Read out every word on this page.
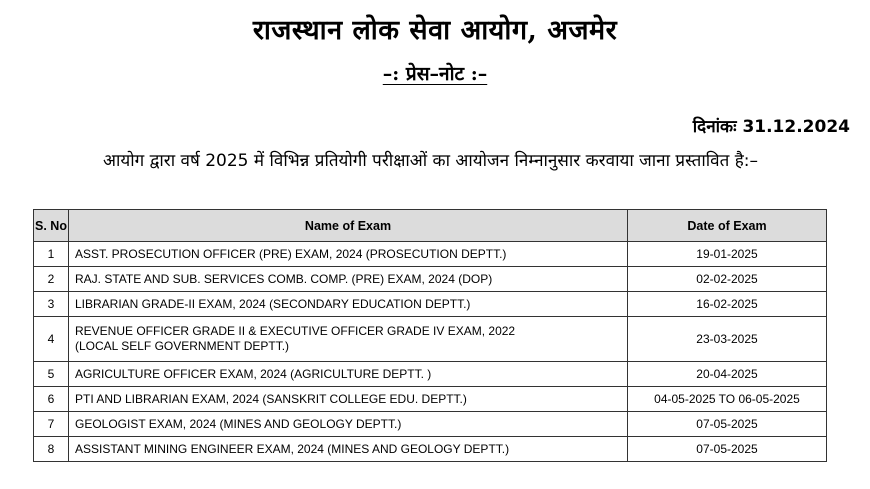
राजस्थान लोक सेवा आयोग, अजमेर
–: प्रेस–नोट :–
दिनांकः 31.12.2024
आयोग द्वारा वर्ष 2025 में विभिन्न प्रतियोगी परीक्षाओं का आयोजन निम्नानुसार करवाया जाना प्रस्तावित है:–
S. No	Name of Exam	Date of Exam
1	ASST. PROSECUTION OFFICER (PRE) EXAM, 2024 (PROSECUTION DEPTT.)	19-01-2025
2	RAJ. STATE AND SUB. SERVICES COMB. COMP. (PRE) EXAM, 2024 (DOP)	02-02-2025
3	LIBRARIAN GRADE-II EXAM, 2024 (SECONDARY EDUCATION DEPTT.)	16-02-2025
4	REVENUE OFFICER GRADE II & EXECUTIVE OFFICER GRADE IV EXAM, 2022
(LOCAL SELF GOVERNMENT DEPTT.)	23-03-2025
5	AGRICULTURE OFFICER EXAM, 2024 (AGRICULTURE DEPTT. )	20-04-2025
6	PTI AND LIBRARIAN EXAM, 2024 (SANSKRIT COLLEGE EDU. DEPTT.)	04-05-2025 TO 06-05-2025
7	GEOLOGIST EXAM, 2024 (MINES AND GEOLOGY DEPTT.)	07-05-2025
8	ASSISTANT MINING ENGINEER EXAM, 2024 (MINES AND GEOLOGY DEPTT.)	07-05-2025
